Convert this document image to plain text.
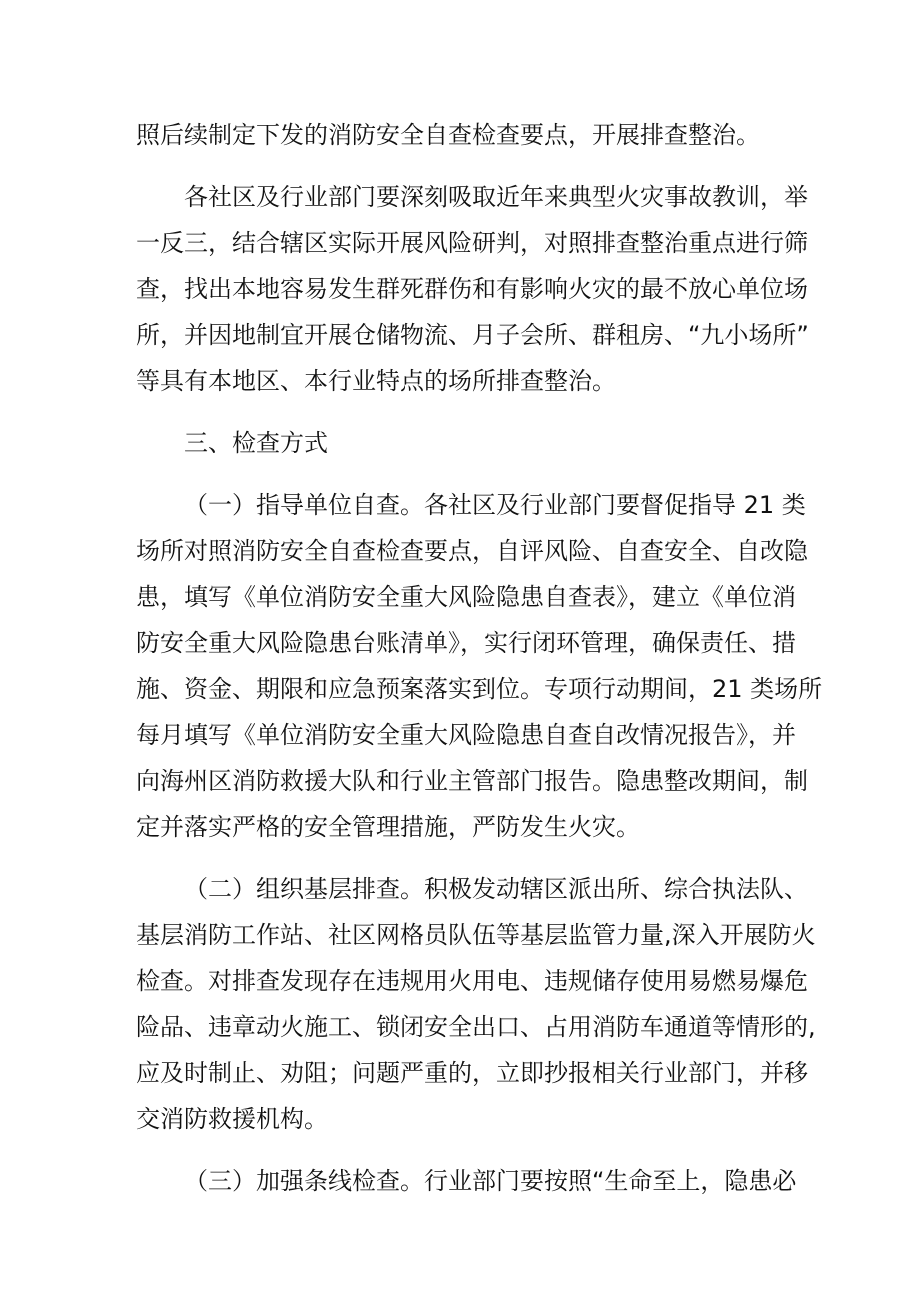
照后续制定下发的消防安全自查检查要点，开展排查整治。
各社区及行业部门要深刻吸取近年来典型火灾事故教训，举
一反三，结合辖区实际开展风险研判，对照排查整治重点进行筛
查，找出本地容易发生群死群伤和有影响火灾的最不放心单位场
所，并因地制宜开展仓储物流、月子会所、群租房、“九小场所”
等具有本地区、本行业特点的场所排查整治。
三、检查方式
（一）指导单位自查。各社区及行业部门要督促指导 21 类
场所对照消防安全自查检查要点，自评风险、自查安全、自改隐
患，填写《单位消防安全重大风险隐患自查表》，建立《单位消
防安全重大风险隐患台账清单》，实行闭环管理，确保责任、措
施、资金、期限和应急预案落实到位。专项行动期间，21 类场所
每月填写《单位消防安全重大风险隐患自查自改情况报告》，并
向海州区消防救援大队和行业主管部门报告。隐患整改期间，制
定并落实严格的安全管理措施，严防发生火灾。
（二）组织基层排查。积极发动辖区派出所、综合执法队、
基层消防工作站、社区网格员队伍等基层监管力量,深入开展防火
检查。对排查发现存在违规用火用电、违规储存使用易燃易爆危
险品、违章动火施工、锁闭安全出口、占用消防车通道等情形的,
应及时制止、劝阻；问题严重的，立即抄报相关行业部门，并移
交消防救援机构。
（三）加强条线检查。行业部门要按照“生命至上，隐患必
